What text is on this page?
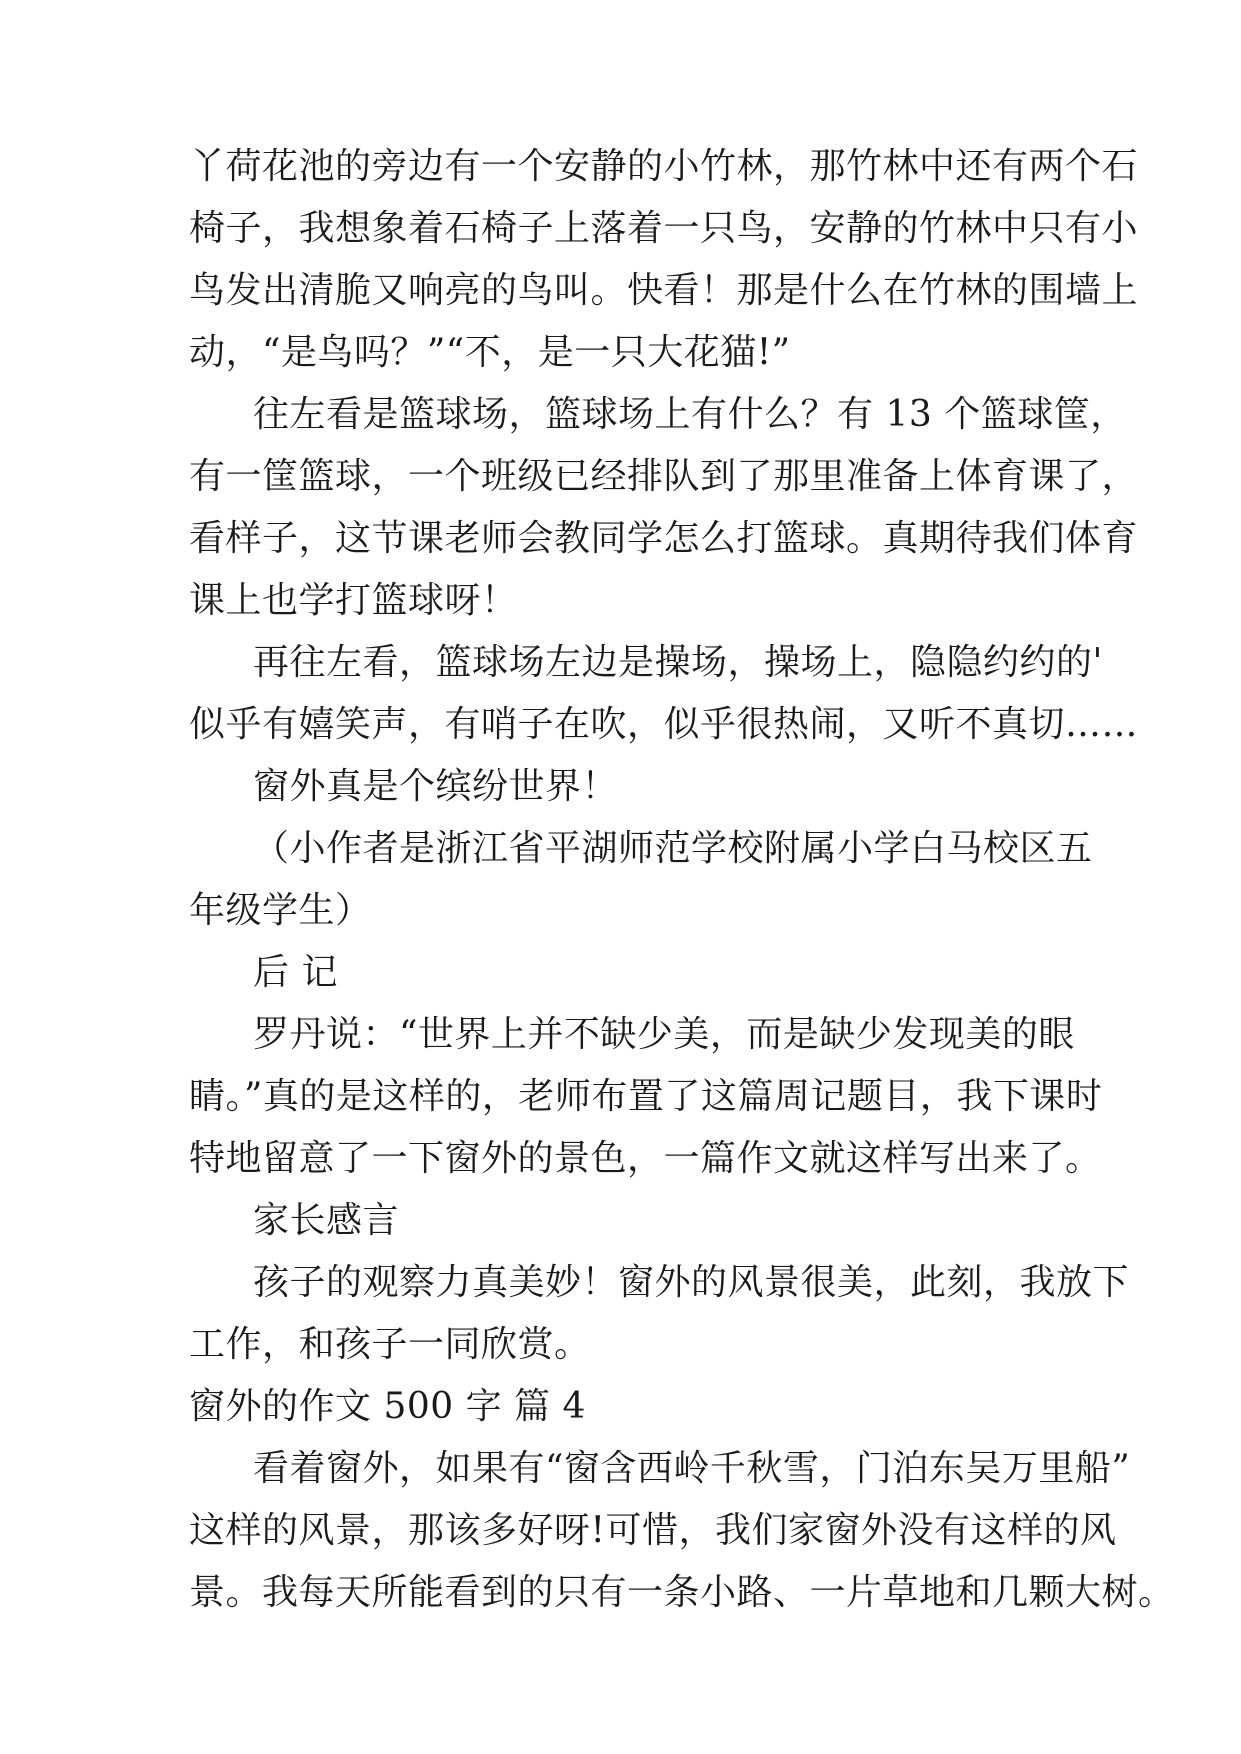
丫荷花池的旁边有一个安静的小竹林，那竹林中还有两个石
椅子，我想象着石椅子上落着一只鸟，安静的竹林中只有小
鸟发出清脆又响亮的鸟叫。快看！那是什么在竹林的围墙上
动，“是鸟吗？”“不，是一只大花猫!”
往左看是篮球场，篮球场上有什么？有 13 个篮球筐，
有一筐篮球，一个班级已经排队到了那里准备上体育课了，
看样子，这节课老师会教同学怎么打篮球。真期待我们体育
课上也学打篮球呀！
再往左看，篮球场左边是操场，操场上，隐隐约约的'
似乎有嬉笑声，有哨子在吹，似乎很热闹，又听不真切……
窗外真是个缤纷世界！
（小作者是浙江省平湖师范学校附属小学白马校区五
年级学生）
后 记
罗丹说：“世界上并不缺少美，而是缺少发现美的眼
睛。”真的是这样的，老师布置了这篇周记题目，我下课时
特地留意了一下窗外的景色，一篇作文就这样写出来了。
家长感言
孩子的观察力真美妙！窗外的风景很美，此刻，我放下
工作，和孩子一同欣赏。
窗外的作文 500 字 篇 4
看着窗外，如果有“窗含西岭千秋雪，门泊东吴万里船”
这样的风景，那该多好呀!可惜，我们家窗外没有这样的风
景。我每天所能看到的只有一条小路、一片草地和几颗大树。
